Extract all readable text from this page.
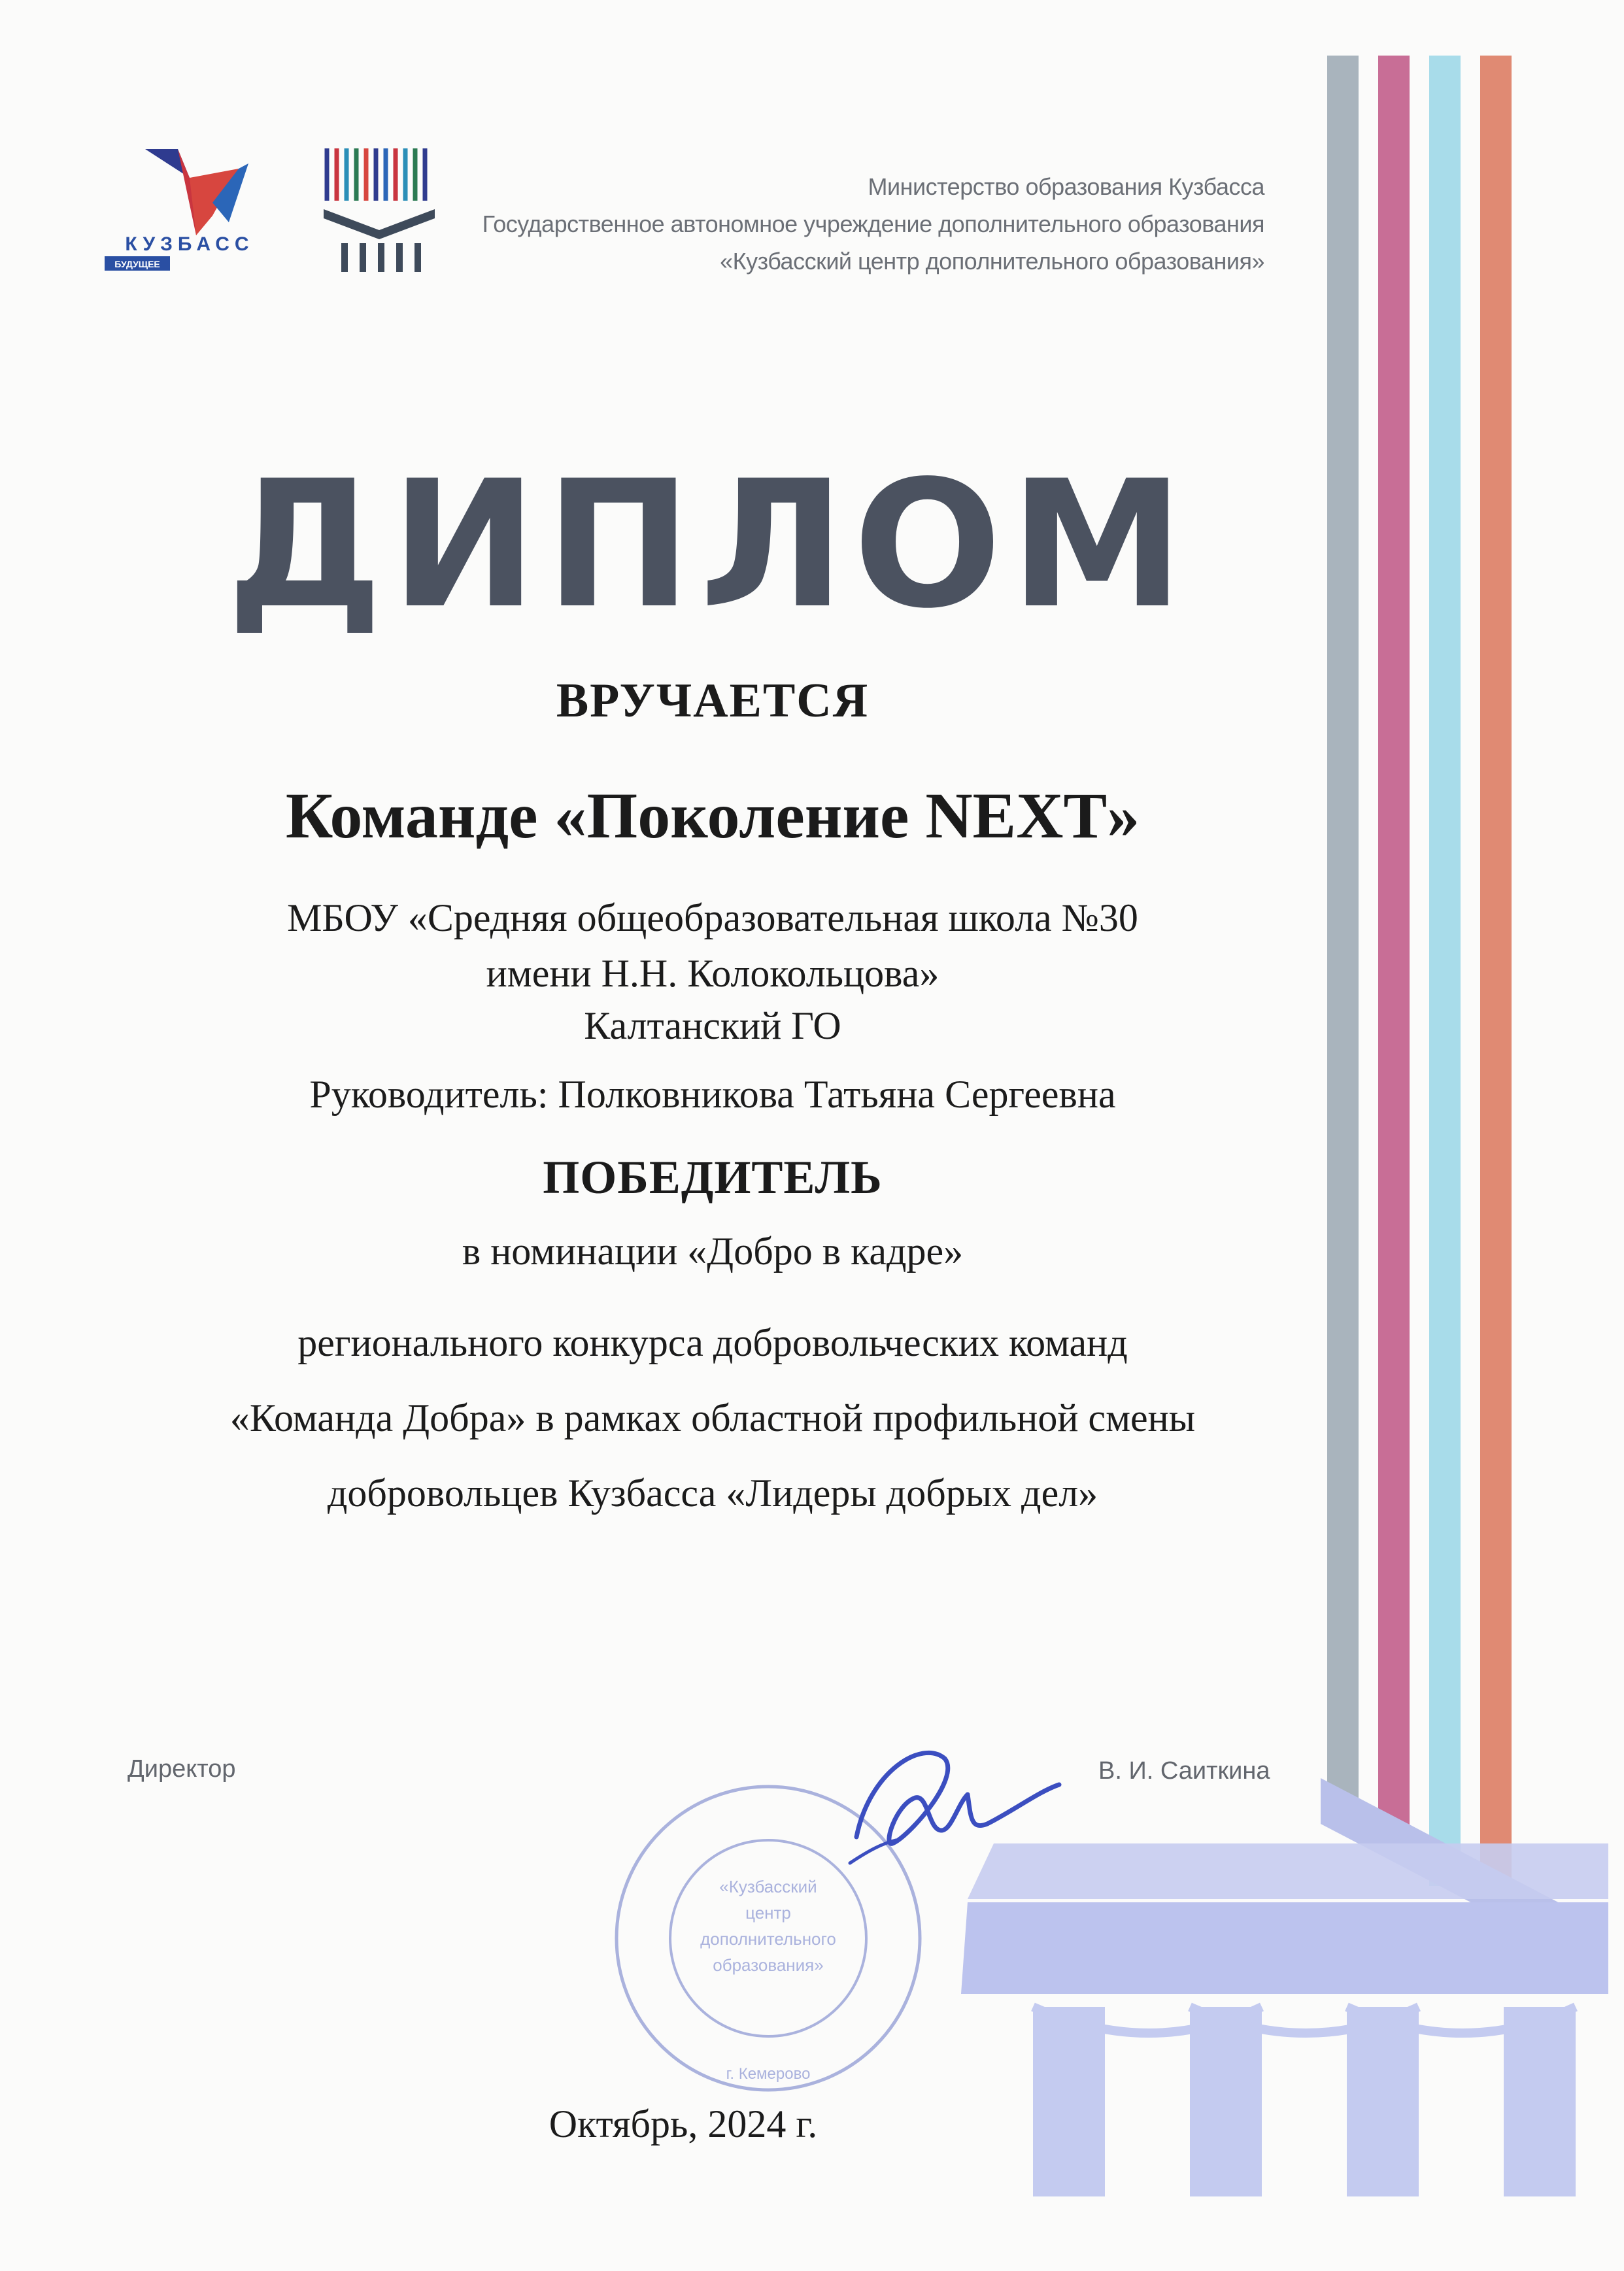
КУЗБАСС
БУДУЩЕЕ
Министерство образования Кузбасса
Государственное автономное учреждение дополнительного образования
«Кузбасский центр дополнительного образования»
ДИПЛОМ
ВРУЧАЕТСЯ
Команде «Поколение NEXT»
МБОУ «Средняя общеобразовательная школа №30
имени Н.Н. Колокольцова»
Калтанский ГО
Руководитель: Полковникова Татьяна Сергеевна
ПОБЕДИТЕЛЬ
в номинации «Добро в кадре»
регионального конкурса добровольческих команд
«Команда Добра» в рамках областной профильной смены
добровольцев Кузбасса «Лидеры добрых дел»
Директор	В. И. Саиткина
«Кузбасский
центр
дополнительного
образования»
г. Кемерово
Октябрь, 2024 г.
